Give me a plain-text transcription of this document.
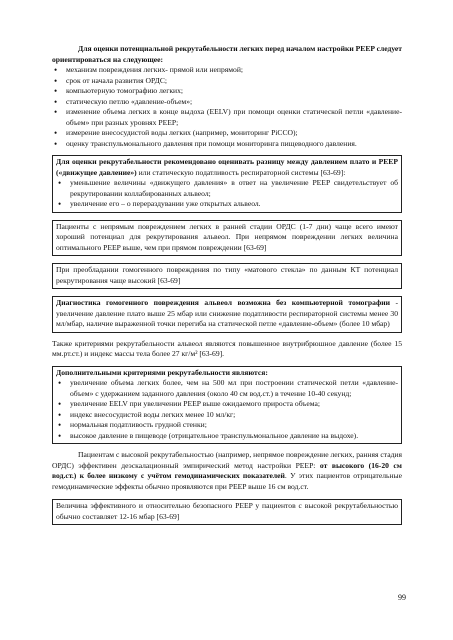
Для оценки потенциальной рекрутабельности легких перед началом настройки PEEP следует ориентироваться на следующее:

• механизм повреждения легких- прямой или непрямой;
• срок от начала развития ОРДС;
• компьютерную томографию легких;
• статическую петлю «давление-объем»;
• изменение объема легких в конце выдоха (EELV) при помощи оценки статической петли «давление-объем» при разных уровнях PEEP;
• измерение внесосудистой воды легких (например, мониторинг PiCCO);
• оценку транспульмонального давления при помощи мониторинга пищеводного давления.

Для оценки рекрутабельности рекомендовано оценивать разницу между давлением плато и PEEP («движущее давление») или статическую податливость респираторной системы [63-69]:

• уменьшение величины «движущего давления» в ответ на увеличение PEEP свидетельствует об рекрутировании коллабированных альвеол;
• увеличение его – о перераздувании уже открытых альвеол.

Пациенты с непрямым повреждением легких в ранней стадии ОРДС (1-7 дни) чаще всего имеют хороший потенциал для рекрутирования альвеол. При непрямом повреждении легких величина оптимального PEEP выше, чем при прямом повреждении [63-69]

При преобладании гомогенного повреждения по типу «матового стекла» по данным КТ потенциал рекрутирования чаще высокий [63-69]

Диагностика гомогенного повреждения альвеол возможна без компьютерной томографии - увеличение давление плато выше 25 мбар или снижение податливости респираторной системы менее 30 мл/мбар, наличие выраженной точки перегиба на статической петле «давление-объем» (более 10 мбар)

Также критериями рекрутабельности альвеол являются повышенное внутрибрюшное давление (более 15 мм.рт.ст.) и индекс массы тела более 27 кг/м² [63-69].

Дополнительными критериями рекрутабельности являются:

• увеличение объема легких более, чем на 500 мл при построении статической петли «давление-объем» с удержанием заданного давления (около 40 см вод.ст.) в течение 10-40 секунд;
• увеличение EELV при увеличении PEEP выше ожидаемого прироста объема;
• индекс внесосудистой воды легких менее 10 мл/кг;
• нормальная податливость грудной стенки;
• высокое давление в пищеводе (отрицательное транспульмональное давление на выдохе).

Пациентам с высокой рекрутабельностью (например, непрямое повреждение легких, ранняя стадия ОРДС) эффективен деэскалационный эмпирический метод настройки PEEP: от высокого (16-20 см вод.ст.) к более низкому с учётом гемодинамических показателей. У этих пациентов отрицательные гемодинамические эффекты обычно проявляются при PEEP выше 16 см вод.ст.

Величина эффективного и относительно безопасного PEEP у пациентов с высокой рекрутабельностью обычно составляет 12-16 мбар [63-69]

99
